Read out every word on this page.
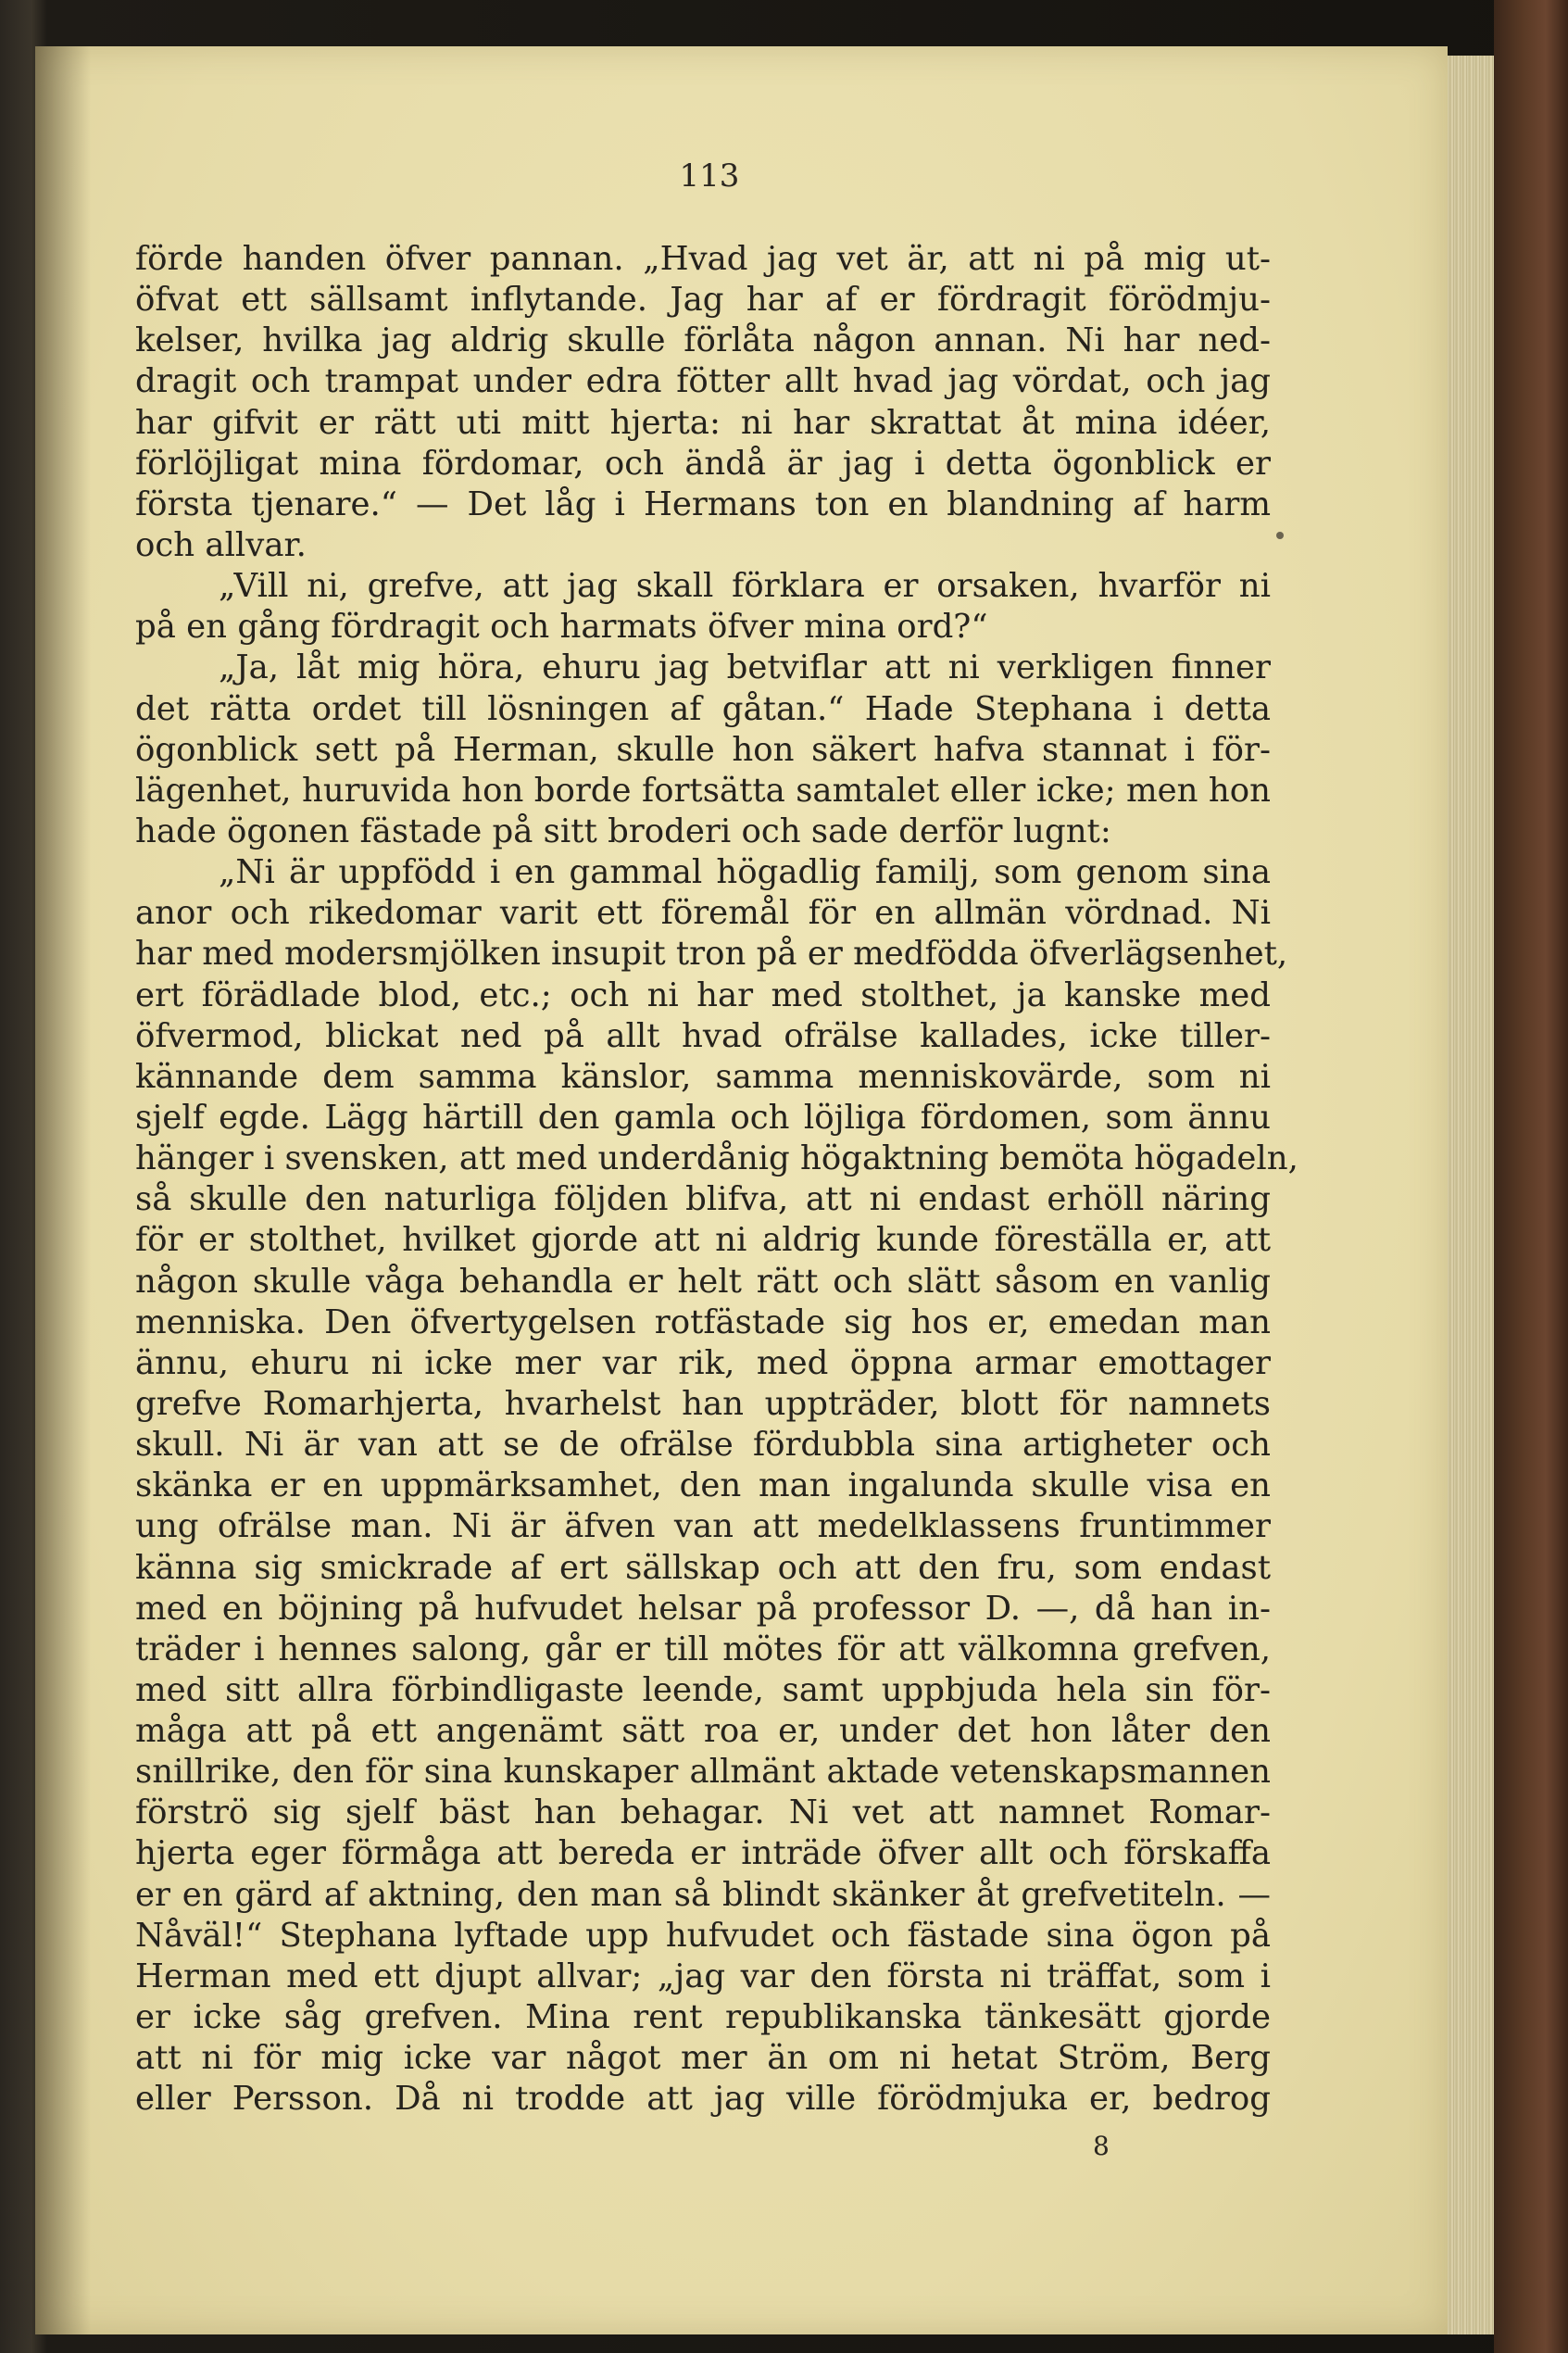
113
förde handen öfver pannan. „Hvad jag vet är, att ni på mig ut-
öfvat ett sällsamt inflytande. Jag har af er fördragit förödmju-
kelser, hvilka jag aldrig skulle förlåta någon annan. Ni har ned-
dragit och trampat under edra fötter allt hvad jag vördat, och jag
har gifvit er rätt uti mitt hjerta: ni har skrattat åt mina idéer,
förlöjligat mina fördomar, och ändå är jag i detta ögonblick er
första tjenare.“ — Det låg i Hermans ton en blandning af harm
och allvar.
„Vill ni, grefve, att jag skall förklara er orsaken, hvarför ni
på en gång fördragit och harmats öfver mina ord?“
„Ja, låt mig höra, ehuru jag betviflar att ni verkligen finner
det rätta ordet till lösningen af gåtan.“ Hade Stephana i detta
ögonblick sett på Herman, skulle hon säkert hafva stannat i för-
lägenhet, huruvida hon borde fortsätta samtalet eller icke; men hon
hade ögonen fästade på sitt broderi och sade derför lugnt:
„Ni är uppfödd i en gammal högadlig familj, som genom sina
anor och rikedomar varit ett föremål för en allmän vördnad. Ni
har med modersmjölken insupit tron på er medfödda öfverlägsenhet,
ert förädlade blod, etc.; och ni har med stolthet, ja kanske med
öfvermod, blickat ned på allt hvad ofrälse kallades, icke tiller-
kännande dem samma känslor, samma menniskovärde, som ni
sjelf egde. Lägg härtill den gamla och löjliga fördomen, som ännu
hänger i svensken, att med underdånig högaktning bemöta högadeln,
så skulle den naturliga följden blifva, att ni endast erhöll näring
för er stolthet, hvilket gjorde att ni aldrig kunde föreställa er, att
någon skulle våga behandla er helt rätt och slätt såsom en vanlig
menniska. Den öfvertygelsen rotfästade sig hos er, emedan man
ännu, ehuru ni icke mer var rik, med öppna armar emottager
grefve Romarhjerta, hvarhelst han uppträder, blott för namnets
skull. Ni är van att se de ofrälse fördubbla sina artigheter och
skänka er en uppmärksamhet, den man ingalunda skulle visa en
ung ofrälse man. Ni är äfven van att medelklassens fruntimmer
känna sig smickrade af ert sällskap och att den fru, som endast
med en böjning på hufvudet helsar på professor D. —, då han in-
träder i hennes salong, går er till mötes för att välkomna grefven,
med sitt allra förbindligaste leende, samt uppbjuda hela sin för-
måga att på ett angenämt sätt roa er, under det hon låter den
snillrike, den för sina kunskaper allmänt aktade vetenskapsmannen
förströ sig sjelf bäst han behagar. Ni vet att namnet Romar-
hjerta eger förmåga att bereda er inträde öfver allt och förskaffa
er en gärd af aktning, den man så blindt skänker åt grefvetiteln. —
Nåväl!“ Stephana lyftade upp hufvudet och fästade sina ögon på
Herman med ett djupt allvar; „jag var den första ni träffat, som i
er icke såg grefven. Mina rent republikanska tänkesätt gjorde
att ni för mig icke var något mer än om ni hetat Ström, Berg
eller Persson. Då ni trodde att jag ville förödmjuka er, bedrog
8
